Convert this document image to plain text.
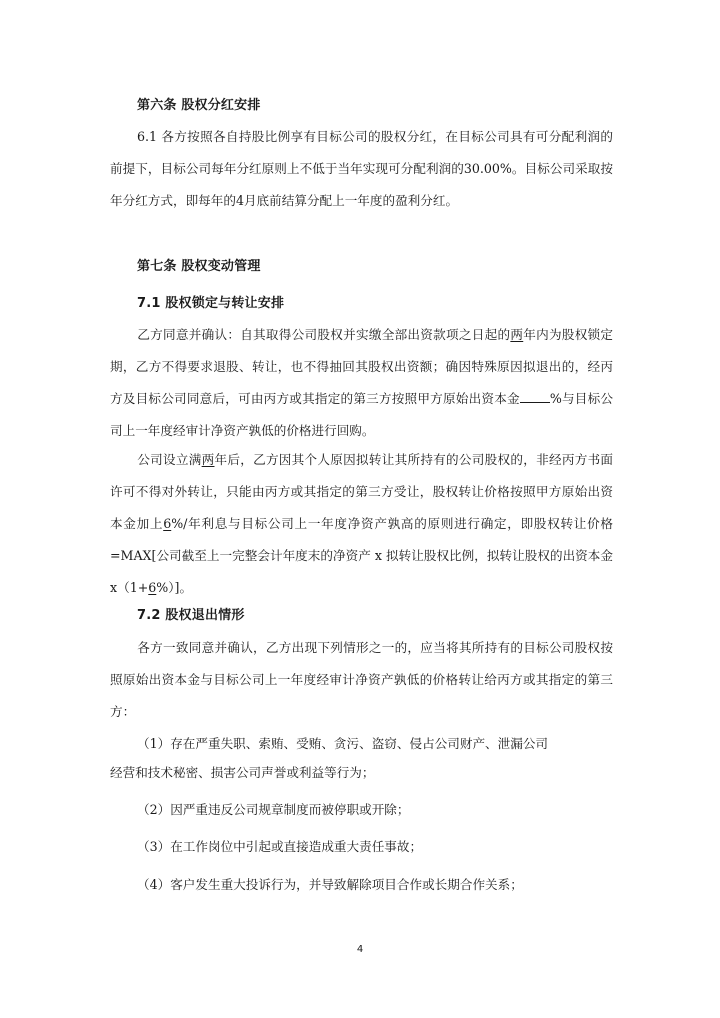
第六条 股权分红安排
6.1 各方按照各自持股比例享有目标公司的股权分红，在目标公司具有可分配利润的前提下，目标公司每年分红原则上不低于当年实现可分配利润的30.00%。目标公司采取按年分红方式，即每年的4月底前结算分配上一年度的盈利分红。
第七条 股权变动管理
7.1 股权锁定与转让安排
乙方同意并确认：自其取得公司股权并实缴全部出资款项之日起的两年内为股权锁定期，乙方不得要求退股、转让，也不得抽回其股权出资额；确因特殊原因拟退出的，经丙方及目标公司同意后，可由丙方或其指定的第三方按照甲方原始出资本金 %与目标公司上一年度经审计净资产孰低的价格进行回购。
公司设立满两年后，乙方因其个人原因拟转让其所持有的公司股权的，非经丙方书面许可不得对外转让，只能由丙方或其指定的第三方受让，股权转让价格按照甲方原始出资本金加上6%/年利息与目标公司上一年度净资产孰高的原则进行确定，即股权转让价格=MAX[公司截至上一完整会计年度末的净资产 x 拟转让股权比例，拟转让股权的出资本金 x（1+6%）]。
7.2 股权退出情形
各方一致同意并确认，乙方出现下列情形之一的，应当将其所持有的目标公司股权按照原始出资本金与目标公司上一年度经审计净资产孰低的价格转让给丙方或其指定的第三方：
（1）存在严重失职、索贿、受贿、贪污、盗窃、侵占公司财产、泄漏公司
经营和技术秘密、损害公司声誉或利益等行为；
（2）因严重违反公司规章制度而被停职或开除；
（3）在工作岗位中引起或直接造成重大责任事故；
（4）客户发生重大投诉行为，并导致解除项目合作或长期合作关系；
4
